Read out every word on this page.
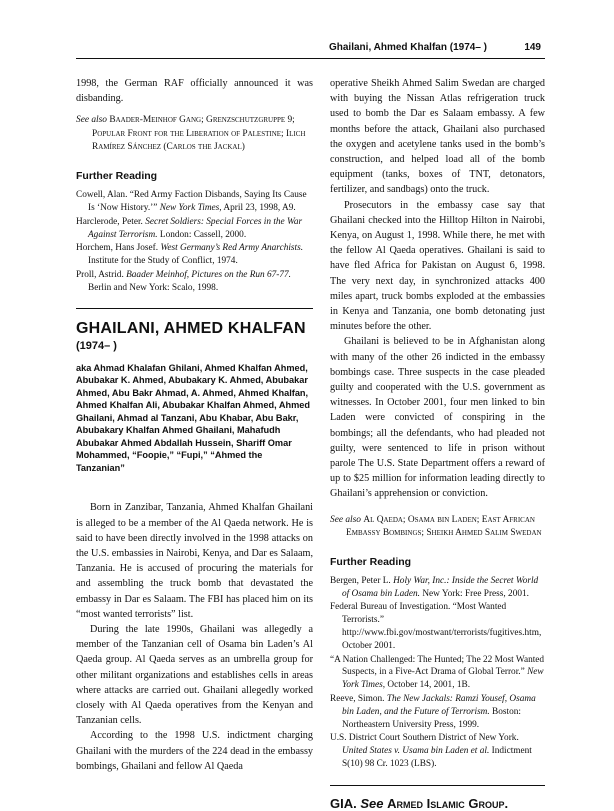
Ghailani, Ahmed Khalfan (1974– )	149

1998, the German RAF officially announced it was disbanding.

See also Baader-Meinhof Gang; Grenzschutzgruppe 9; Popular Front for the Liberation of Palestine; Ilich Ramírez Sánchez (Carlos the Jackal)

Further Reading
Cowell, Alan. “Red Army Faction Disbands, Saying Its Cause Is ‘Now History.’” New York Times, April 23, 1998, A9.
Harclerode, Peter. Secret Soldiers: Special Forces in the War Against Terrorism. London: Cassell, 2000.
Horchem, Hans Josef. West Germany’s Red Army Anarchists. Institute for the Study of Conflict, 1974.
Proll, Astrid. Baader Meinhof, Pictures on the Run 67-77. Berlin and New York: Scalo, 1998.
GHAILANI, AHMED KHALFAN
(1974– )

aka Ahmad Khalafan Ghilani, Ahmed Khalfan Ahmed, Abubakar K. Ahmed, Abubakary K. Ahmed, Abubakar Ahmed, Abu Bakr Ahmad, A. Ahmed, Ahmed Khalfan, Ahmed Khalfan Ali, Abubakar Khalfan Ahmed, Ahmed Ghailani, Ahmad al Tanzani, Abu Khabar, Abu Bakr, Abubakary Khalfan Ahmed Ghailani, Mahafudh Abubakar Ahmed Abdallah Hussein, Shariff Omar Mohammed, “Foopie,” “Fupi,” “Ahmed the Tanzanian”

Born in Zanzibar, Tanzania, Ahmed Khalfan Ghailani is alleged to be a member of the Al Qaeda network. He is said to have been directly involved in the 1998 attacks on the U.S. embassies in Nairobi, Kenya, and Dar es Salaam, Tanzania. He is accused of procuring the materials for and assembling the truck bomb that devastated the embassy in Dar es Salaam. The FBI has placed him on its “most wanted terrorists” list.

During the late 1990s, Ghailani was allegedly a member of the Tanzanian cell of Osama bin Laden’s Al Qaeda group. Al Qaeda serves as an umbrella group for other militant organizations and establishes cells in areas where attacks are carried out. Ghailani allegedly worked closely with Al Qaeda operatives from the Kenyan and Tanzanian cells.

According to the 1998 U.S. indictment charging Ghailani with the murders of the 224 dead in the embassy bombings, Ghailani and fellow Al Qaeda

operative Sheikh Ahmed Salim Swedan are charged with buying the Nissan Atlas refrigeration truck used to bomb the Dar es Salaam embassy. A few months before the attack, Ghailani also purchased the oxygen and acetylene tanks used in the bomb’s construction, and helped load all of the bomb equipment (tanks, boxes of TNT, detonators, fertilizer, and sandbags) onto the truck.

Prosecutors in the embassy case say that Ghailani checked into the Hilltop Hilton in Nairobi, Kenya, on August 1, 1998. While there, he met with the fellow Al Qaeda operatives. Ghailani is said to have fled Africa for Pakistan on August 6, 1998. The very next day, in synchronized attacks 400 miles apart, truck bombs exploded at the embassies in Kenya and Tanzania, one bomb detonating just minutes before the other.

Ghailani is believed to be in Afghanistan along with many of the other 26 indicted in the embassy bombings case. Three suspects in the case pleaded guilty and cooperated with the U.S. government as witnesses. In October 2001, four men linked to bin Laden were convicted of conspiring in the bombings; all the defendants, who had pleaded not guilty, were sentenced to life in prison without parole The U.S. State Department offers a reward of up to $25 million for information leading directly to Ghailani’s apprehension or conviction.

See also Al Qaeda; Osama bin Laden; East African Embassy Bombings; Sheikh Ahmed Salim Swedan

Further Reading
Bergen, Peter L. Holy War, Inc.: Inside the Secret World of Osama bin Laden. New York: Free Press, 2001.
Federal Bureau of Investigation. “Most Wanted Terrorists.” http://www.fbi.gov/mostwant/terrorists/fugitives.htm, October 2001.
“A Nation Challenged: The Hunted; The 22 Most Wanted Suspects, in a Five-Act Drama of Global Terror.” New York Times, October 14, 2001, 1B.
Reeve, Simon. The New Jackals: Ramzi Yousef, Osama bin Laden, and the Future of Terrorism. Boston: Northeastern University Press, 1999.
U.S. District Court Southern District of New York. United States v. Usama bin Laden et al. Indictment S(10) 98 Cr. 1023 (LBS).
GIA. See Armed Islamic Group.
